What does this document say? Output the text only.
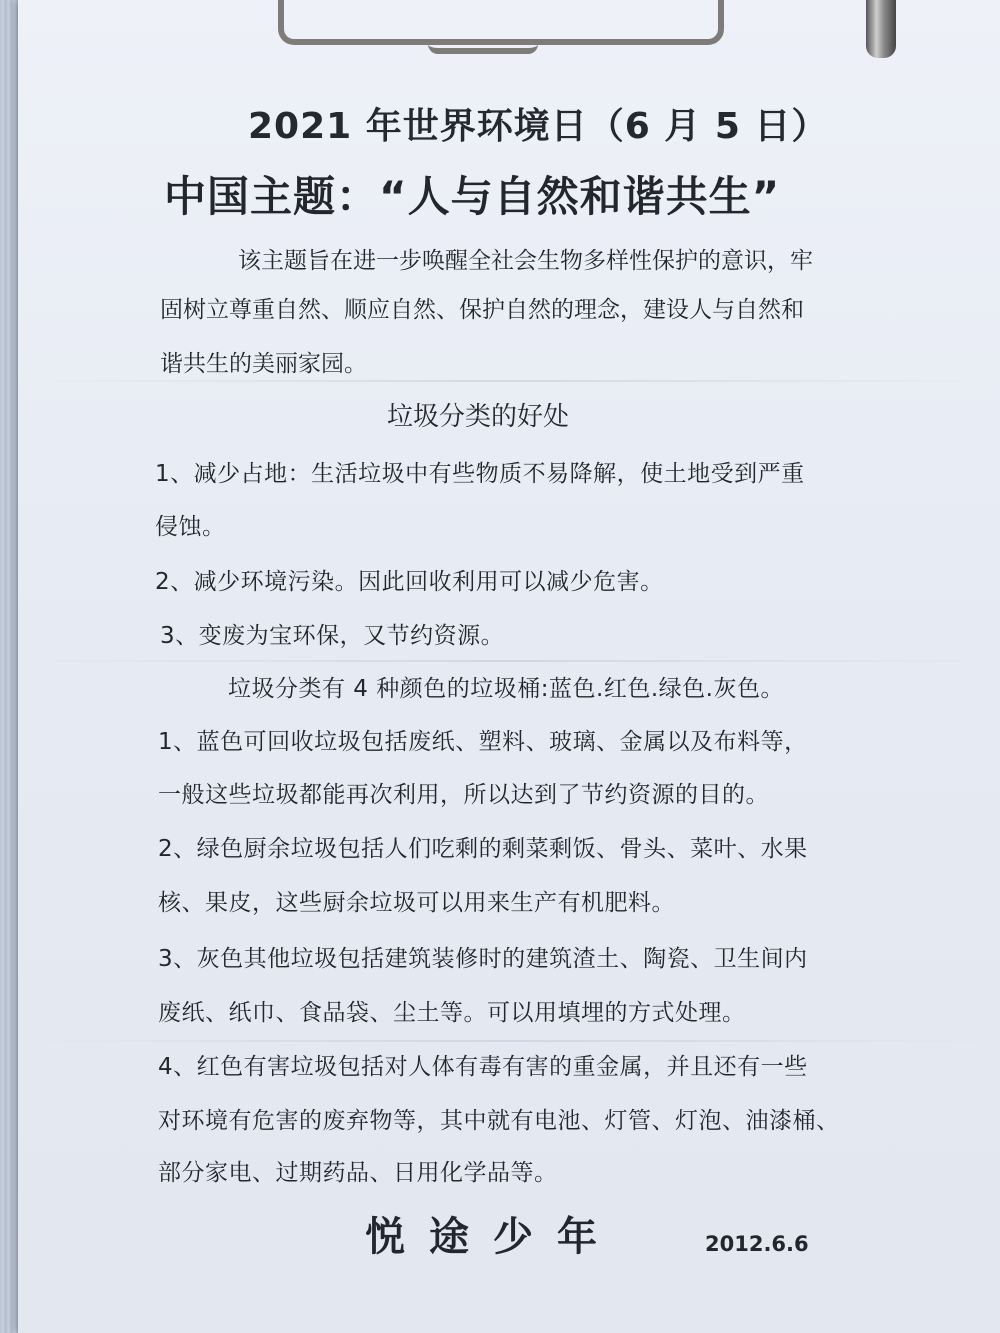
2021 年世界环境日（6 月 5 日）
中国主题：“人与自然和谐共生”
该主题旨在进一步唤醒全社会生物多样性保护的意识，牢
固树立尊重自然、顺应自然、保护自然的理念，建设人与自然和
谐共生的美丽家园。
垃圾分类的好处
1、减少占地：生活垃圾中有些物质不易降解，使土地受到严重
侵蚀。
2、减少环境污染。因此回收利用可以减少危害。
3、变废为宝环保，又节约资源。
垃圾分类有 4 种颜色的垃圾桶:蓝色.红色.绿色.灰色。
1、蓝色可回收垃圾包括废纸、塑料、玻璃、金属以及布料等，
一般这些垃圾都能再次利用，所以达到了节约资源的目的。
2、绿色厨余垃圾包括人们吃剩的剩菜剩饭、骨头、菜叶、水果
核、果皮，这些厨余垃圾可以用来生产有机肥料。
3、灰色其他垃圾包括建筑装修时的建筑渣土、陶瓷、卫生间内
废纸、纸巾、食品袋、尘土等。可以用填埋的方式处理。
4、红色有害垃圾包括对人体有毒有害的重金属，并且还有一些
对环境有危害的废弃物等，其中就有电池、灯管、灯泡、油漆桶、
部分家电、过期药品、日用化学品等。
悦途少年	2012.6.6
